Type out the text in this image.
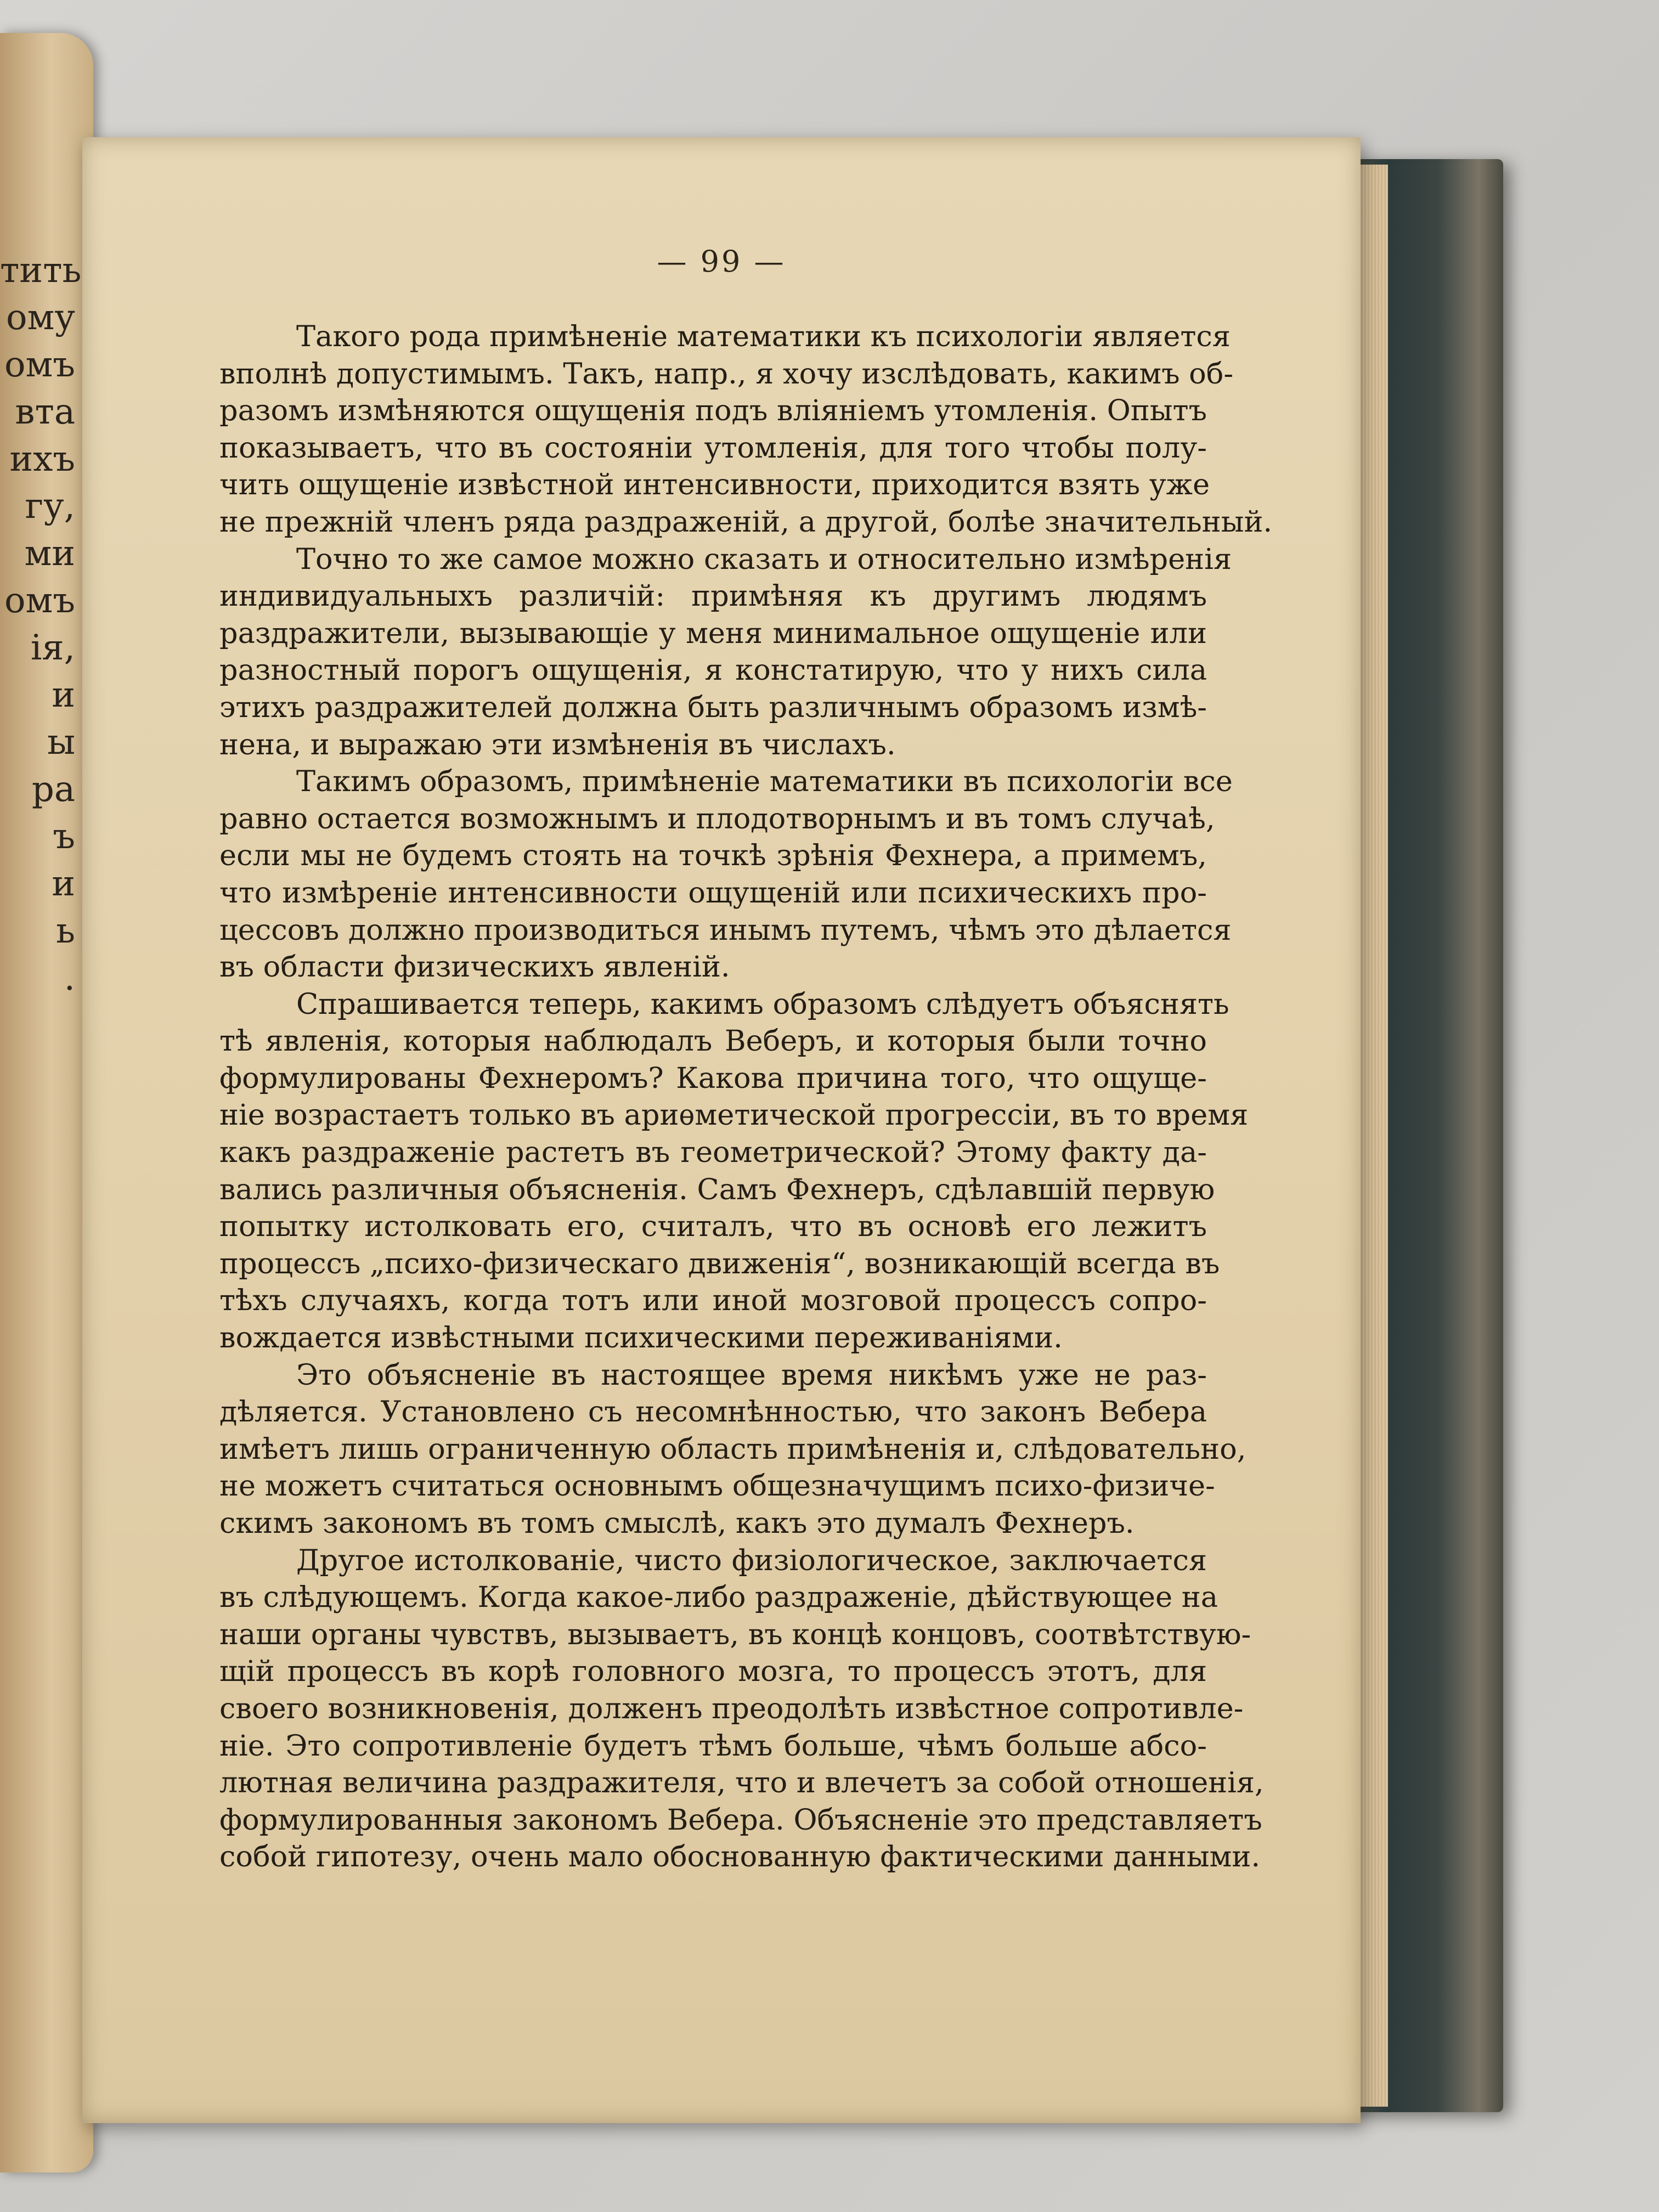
тить
ому
омъ
вта
ихъ
гу,
ми
омъ
ія,
и
ы
ра
ъ
и
ь
.
— 99 —
Такого рода примѣненіе математики къ психологіи является
вполнѣ допустимымъ. Такъ, напр., я хочу изслѣдовать, какимъ об-
разомъ измѣняются ощущенія подъ вліяніемъ утомленія. Опытъ
показываетъ, что въ состояніи утомленія, для того чтобы полу-
чить ощущеніе извѣстной интенсивности, приходится взять уже
не прежній членъ ряда раздраженій, а другой, болѣе значительный.
Точно то же самое можно сказать и относительно измѣренія
индивидуальныхъ различій: примѣняя къ другимъ людямъ
раздражители, вызывающіе у меня минимальное ощущеніе или
разностный порогъ ощущенія, я констатирую, что у нихъ сила
этихъ раздражителей должна быть различнымъ образомъ измѣ-
нена, и выражаю эти измѣненія въ числахъ.
Такимъ образомъ, примѣненіе математики въ психологіи все
равно остается возможнымъ и плодотворнымъ и въ томъ случаѣ,
если мы не будемъ стоять на точкѣ зрѣнія Фехнера, а примемъ,
что измѣреніе интенсивности ощущеній или психическихъ про-
цессовъ должно производиться инымъ путемъ, чѣмъ это дѣлается
въ области физическихъ явленій.
Спрашивается теперь, какимъ образомъ слѣдуетъ объяснять
тѣ явленія, которыя наблюдалъ Веберъ, и которыя были точно
формулированы Фехнеромъ? Какова причина того, что ощуще-
ніе возрастаетъ только въ ариѳметической прогрессіи, въ то время
какъ раздраженіе растетъ въ геометрической? Этому факту да-
вались различныя объясненія. Самъ Фехнеръ, сдѣлавшій первую
попытку истолковать его, считалъ, что въ основѣ его лежитъ
процессъ „психо-физическаго движенія“, возникающій всегда въ
тѣхъ случаяхъ, когда тотъ или иной мозговой процессъ сопро-
вождается извѣстными психическими переживаніями.
Это объясненіе въ настоящее время никѣмъ уже не раз-
дѣляется. Установлено съ несомнѣнностью, что законъ Вебера
имѣетъ лишь ограниченную область примѣненія и, слѣдовательно,
не можетъ считаться основнымъ общезначущимъ психо-физиче-
скимъ закономъ въ томъ смыслѣ, какъ это думалъ Фехнеръ.
Другое истолкованіе, чисто физіологическое, заключается
въ слѣдующемъ. Когда какое-либо раздраженіе, дѣйствующее на
наши органы чувствъ, вызываетъ, въ концѣ концовъ, соотвѣтствую-
щій процессъ въ корѣ головного мозга, то процессъ этотъ, для
своего возникновенія, долженъ преодолѣть извѣстное сопротивле-
ніе. Это сопротивленіе будетъ тѣмъ больше, чѣмъ больше абсо-
лютная величина раздражителя, что и влечетъ за собой отношенія,
формулированныя закономъ Вебера. Объясненіе это представляетъ
собой гипотезу, очень мало обоснованную фактическими данными.
